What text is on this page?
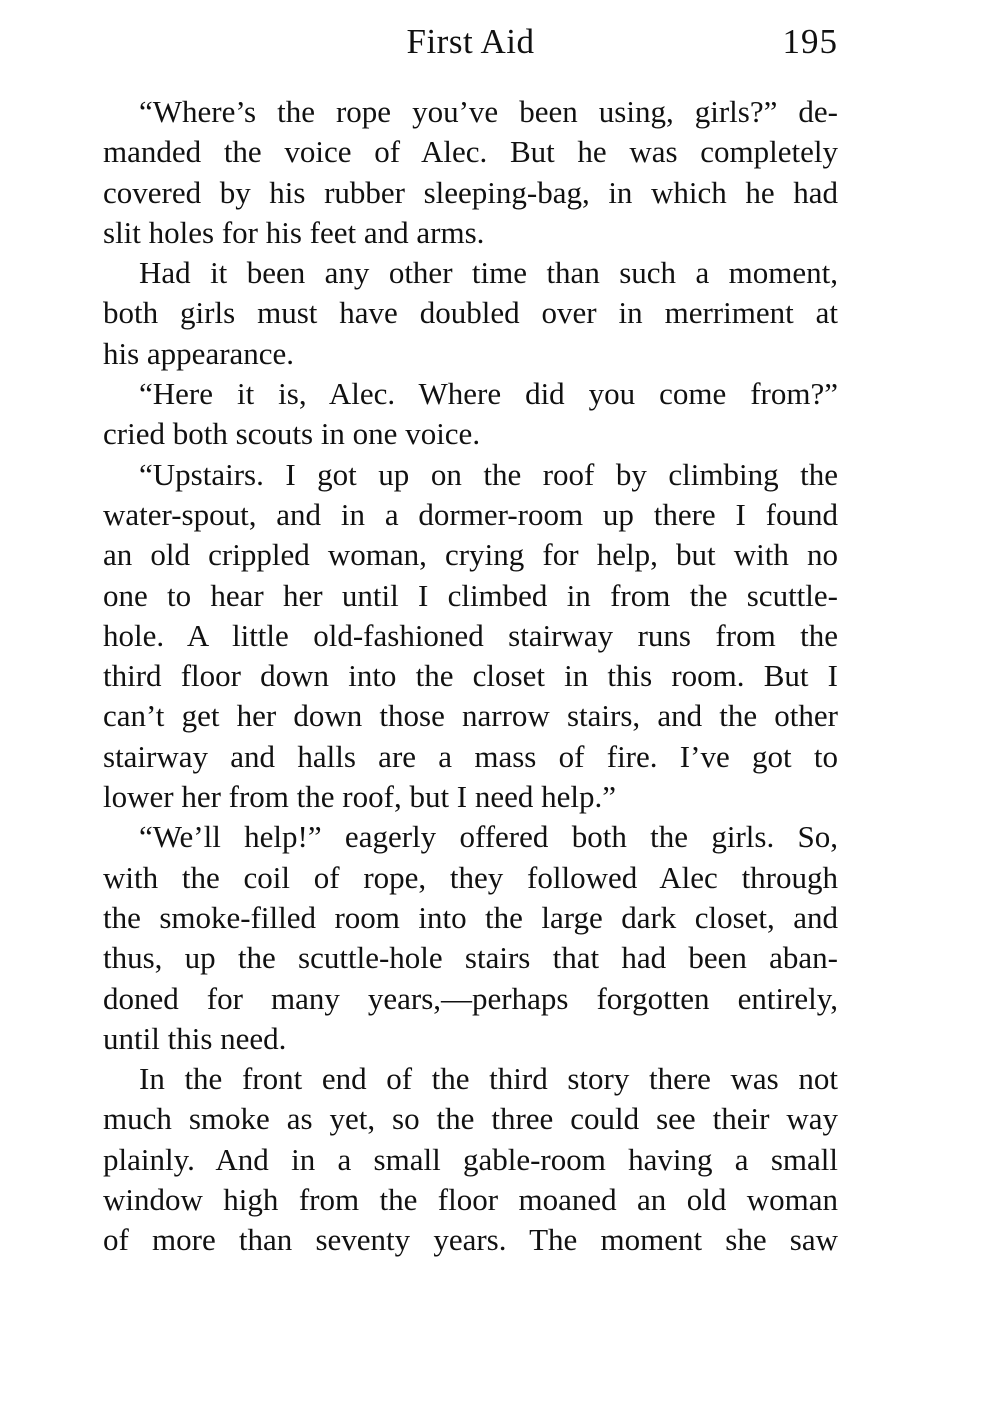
First Aid	195
“Where’s the rope you’ve been using, girls?” de-
manded the voice of Alec. But he was completely
covered by his rubber sleeping-bag, in which he had
slit holes for his feet and arms.
Had it been any other time than such a moment,
both girls must have doubled over in merriment at
his appearance.
“Here it is, Alec. Where did you come from?”
cried both scouts in one voice.
“Upstairs. I got up on the roof by climbing the
water-spout, and in a dormer-room up there I found
an old crippled woman, crying for help, but with no
one to hear her until I climbed in from the scuttle-
hole. A little old-fashioned stairway runs from the
third floor down into the closet in this room. But I
can’t get her down those narrow stairs, and the other
stairway and halls are a mass of fire. I’ve got to
lower her from the roof, but I need help.”
“We’ll help!” eagerly offered both the girls. So,
with the coil of rope, they followed Alec through
the smoke-filled room into the large dark closet, and
thus, up the scuttle-hole stairs that had been aban-
doned for many years,—perhaps forgotten entirely,
until this need.
In the front end of the third story there was not
much smoke as yet, so the three could see their way
plainly. And in a small gable-room having a small
window high from the floor moaned an old woman
of more than seventy years. The moment she saw
